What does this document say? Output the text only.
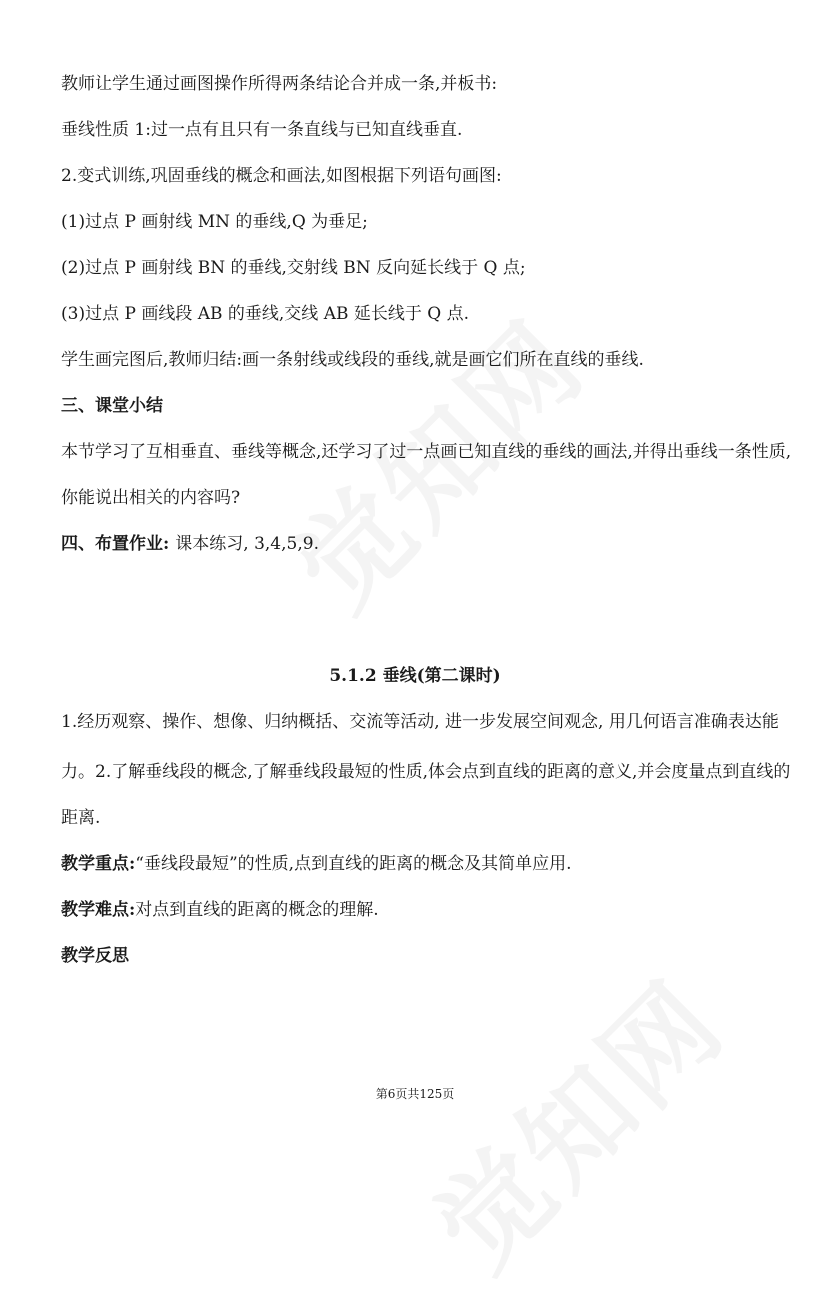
教师让学生通过画图操作所得两条结论合并成一条,并板书:
垂线性质 1:过一点有且只有一条直线与已知直线垂直.
2.变式训练,巩固垂线的概念和画法,如图根据下列语句画图:
(1)过点 P 画射线 MN 的垂线,Q 为垂足;
(2)过点 P 画射线 BN 的垂线,交射线 BN 反向延长线于 Q 点;
(3)过点 P 画线段 AB 的垂线,交线 AB 延长线于 Q 点.
学生画完图后,教师归结:画一条射线或线段的垂线,就是画它们所在直线的垂线.
三、课堂小结
本节学习了互相垂直、垂线等概念,还学习了过一点画已知直线的垂线的画法,并得出垂线一条性质,
你能说出相关的内容吗?
四、布置作业: 课本练习, 3,4,5,9.
5.1.2 垂线(第二课时)
1.经历观察、操作、想像、归纳概括、交流等活动, 进一步发展空间观念, 用几何语言准确表达能
力。2.了解垂线段的概念,了解垂线段最短的性质,体会点到直线的距离的意义,并会度量点到直线的
距离.
教学重点:“垂线段最短”的性质,点到直线的距离的概念及其简单应用.
教学难点:对点到直线的距离的概念的理解.
教学反思
第6页共125页
